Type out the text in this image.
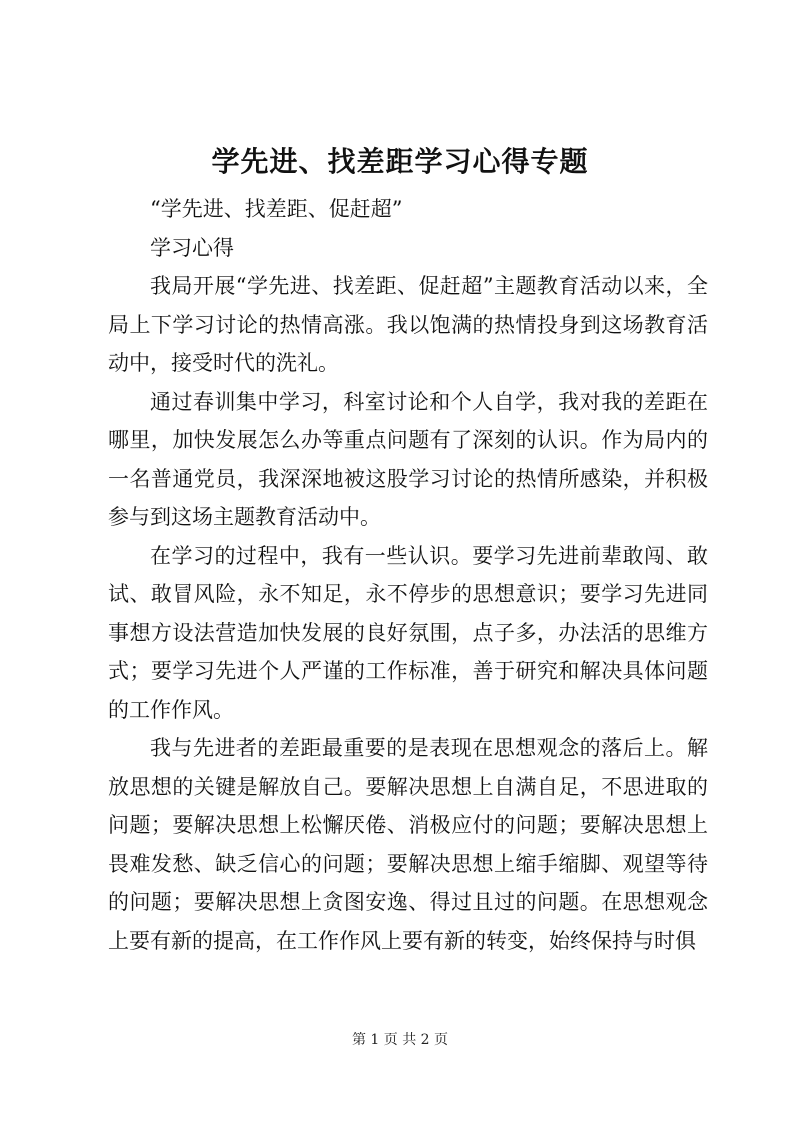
学先进、找差距学习心得专题

“学先进、找差距、促赶超”

学习心得

我局开展“学先进、找差距、促赶超”主题教育活动以来，全局上下学习讨论的热情高涨。我以饱满的热情投身到这场教育活动中，接受时代的洗礼。

通过春训集中学习，科室讨论和个人自学，我对我的差距在哪里，加快发展怎么办等重点问题有了深刻的认识。作为局内的一名普通党员，我深深地被这股学习讨论的热情所感染，并积极参与到这场主题教育活动中。

在学习的过程中，我有一些认识。要学习先进前辈敢闯、敢试、敢冒风险，永不知足，永不停步的思想意识；要学习先进同事想方设法营造加快发展的良好氛围，点子多，办法活的思维方式；要学习先进个人严谨的工作标准，善于研究和解决具体问题的工作作风。

我与先进者的差距最重要的是表现在思想观念的落后上。解放思想的关键是解放自己。要解决思想上自满自足，不思进取的问题；要解决思想上松懈厌倦、消极应付的问题；要解决思想上畏难发愁、缺乏信心的问题；要解决思想上缩手缩脚、观望等待的问题；要解决思想上贪图安逸、得过且过的问题。在思想观念上要有新的提高，在工作作风上要有新的转变，始终保持与时俱

第 1 页 共 2 页
